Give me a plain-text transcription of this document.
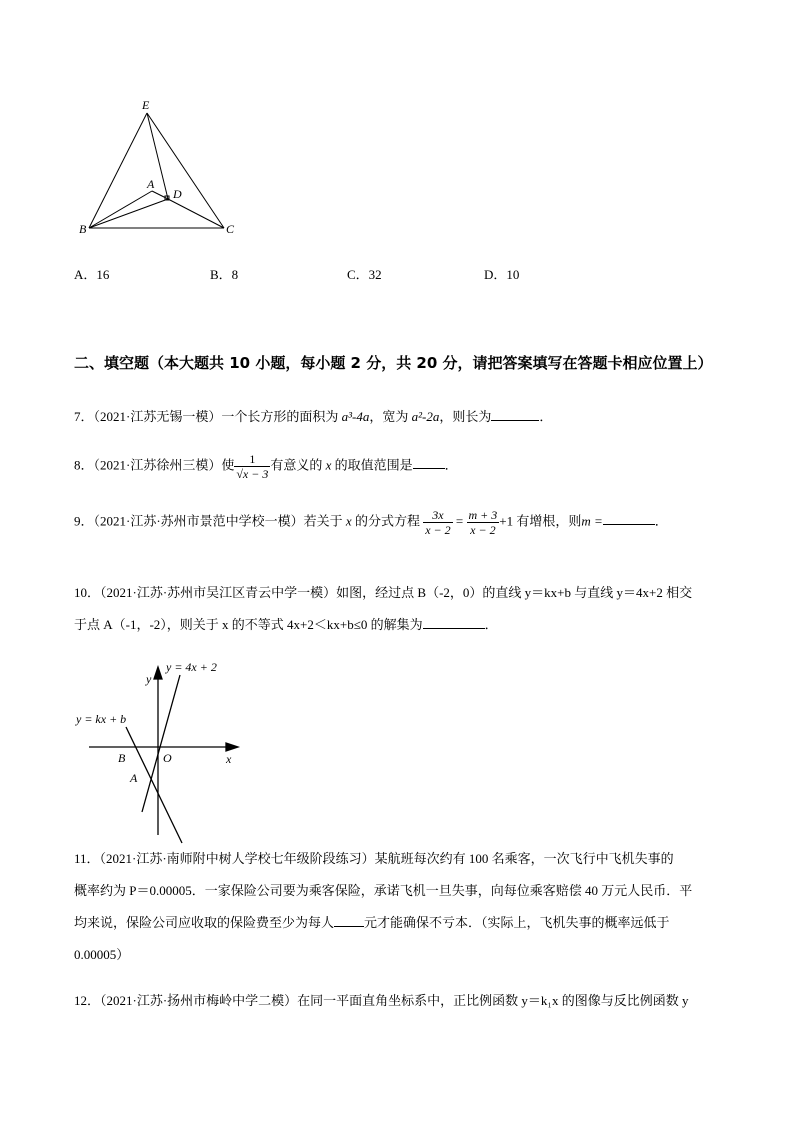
E
A
D
B	C
A．16	B．8	C．32	D．10
二、填空题（本大题共 10 小题，每小题 2 分，共 20 分，请把答案填写在答题卡相应位置上）
7．（2021·江苏无锡一模）一个长方形的面积为 a³-4a，宽为 a²-2a，则长为	．
8．（2021·江苏徐州三模）使 $\frac{1}{√x - 3}$ 有意义的 x 的取值范围是 ．
9．（2021·江苏·苏州市景范中学校一模）若关于 x 的分式方程 $\frac{3x}{x - 2} = \frac{m + 3}{x - 2} +1$ 有增根，则m =	．
10．（2021·江苏·苏州市吴江区青云中学一模）如图，经过点 B（-2，0）的直线 y＝kx+b 与直线 y＝4x+2 相交
于点 A（-1，-2），则关于 x 的不等式 4x+2＜kx+b≤0 的解集为	．
y = 4x + 2
y
y = kx + b
x
O
B
A
11．（2021·江苏·南师附中树人学校七年级阶段练习）某航班每次约有 100 名乘客，一次飞行中飞机失事的
概率约为 P＝0.00005．一家保险公司要为乘客保险，承诺飞机一旦失事，向每位乘客赔偿 40 万元人民币．平
均来说，保险公司应收取的保险费至少为每人 元才能确保不亏本．（实际上，飞机失事的概率远低于
0.00005）
12．（2021·江苏·扬州市梅岭中学二模）在同一平面直角坐标系中，正比例函数 y＝k₁x 的图像与反比例函数 y
